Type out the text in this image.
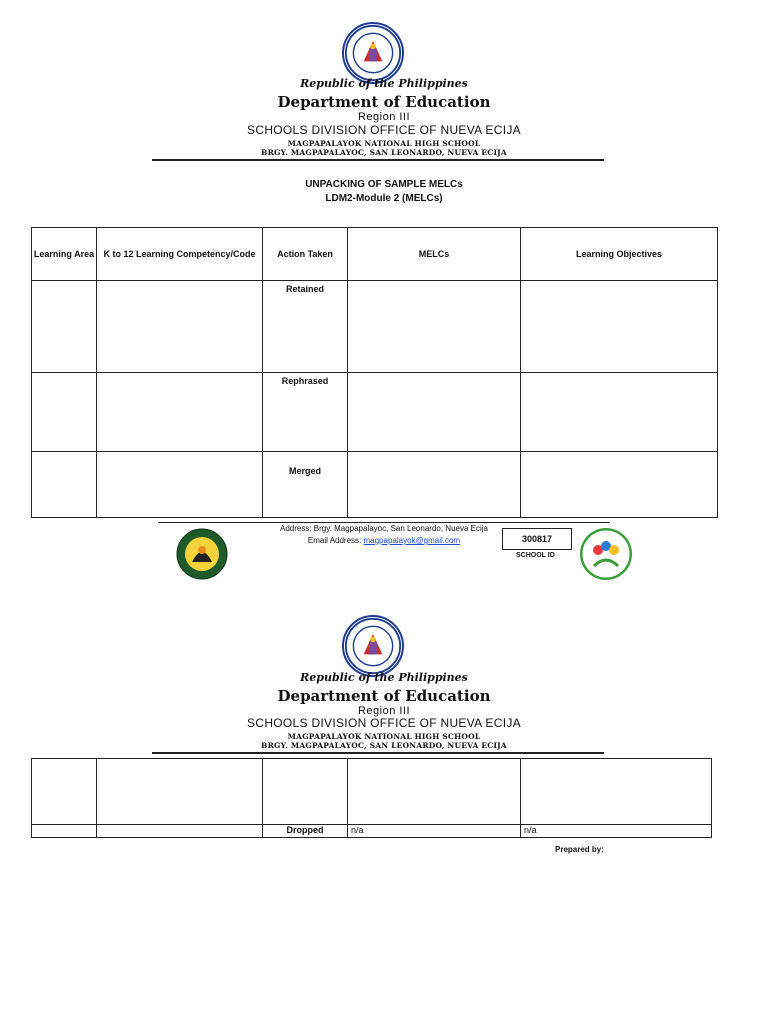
Republic of the Philippines
Department of Education
Region III
SCHOOLS DIVISION OFFICE OF NUEVA ECIJA
MAGPAPALAYOK NATIONAL HIGH SCHOOL
BRGY. MAGPAPALAYOC, SAN LEONARDO, NUEVA ECIJA
UNPACKING OF SAMPLE MELCs
LDM2-Module 2 (MELCs)
Learning Area	K to 12 Learning Competency/Code	Action Taken	MELCs	Learning Objectives
		Retained		
		Rephrased		
		Merged		
Address: Brgy. Magpapalayoc, San Leonardo, Nueva Ecija
Email Address: magpapalayok@gmail.com	300817
SCHOOL ID
Republic of the Philippines
Department of Education
Region III
SCHOOLS DIVISION OFFICE OF NUEVA ECIJA
MAGPAPALAYOK NATIONAL HIGH SCHOOL
BRGY. MAGPAPALAYOC, SAN LEONARDO, NUEVA ECIJA

		Dropped	n/a	n/a
Prepared by:
